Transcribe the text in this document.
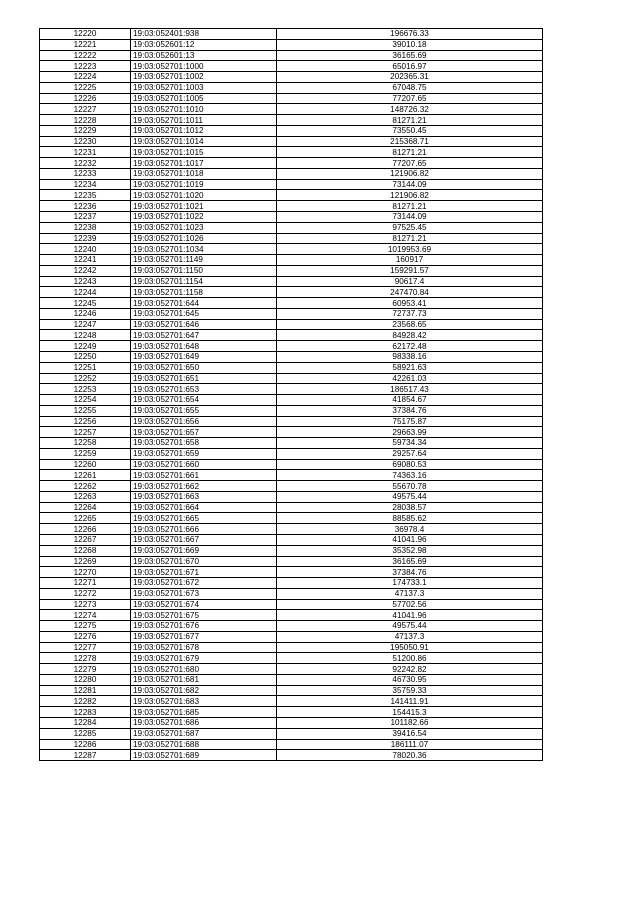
12220	19:03:052401:938	196676.33
12221	19:03:052601:12	39010.18
12222	19:03:052601:13	36165.69
12223	19:03:052701:1000	65016.97
12224	19:03:052701:1002	202365.31
12225	19:03:052701:1003	67048.75
12226	19:03:052701:1005	77207.65
12227	19:03:052701:1010	148726.32
12228	19:03:052701:1011	81271.21
12229	19:03:052701:1012	73550.45
12230	19:03:052701:1014	215368.71
12231	19:03:052701:1015	81271.21
12232	19:03:052701:1017	77207.65
12233	19:03:052701:1018	121906.82
12234	19:03:052701:1019	73144.09
12235	19:03:052701:1020	121906.82
12236	19:03:052701:1021	81271.21
12237	19:03:052701:1022	73144.09
12238	19:03:052701:1023	97525.45
12239	19:03:052701:1026	81271.21
12240	19:03:052701:1034	1019953.69
12241	19:03:052701:1149	160917
12242	19:03:052701:1150	159291.57
12243	19:03:052701:1154	90617.4
12244	19:03:052701:1158	247470.84
12245	19:03:052701:644	60953.41
12246	19:03:052701:645	72737.73
12247	19:03:052701:646	23568.65
12248	19:03:052701:647	84928.42
12249	19:03:052701:648	62172.48
12250	19:03:052701:649	98338.16
12251	19:03:052701:650	58921.63
12252	19:03:052701:651	42261.03
12253	19:03:052701:653	186517.43
12254	19:03:052701:654	41854.67
12255	19:03:052701:655	37384.76
12256	19:03:052701:656	75175.87
12257	19:03:052701:657	29663.99
12258	19:03:052701:658	59734.34
12259	19:03:052701:659	29257.64
12260	19:03:052701:660	69080.53
12261	19:03:052701:661	74363.16
12262	19:03:052701:662	55670.78
12263	19:03:052701:663	49575.44
12264	19:03:052701:664	28038.57
12265	19:03:052701:665	88585.62
12266	19:03:052701:666	36978.4
12267	19:03:052701:667	41041.96
12268	19:03:052701:669	35352.98
12269	19:03:052701:670	36165.69
12270	19:03:052701:671	37384.76
12271	19:03:052701:672	174733.1
12272	19:03:052701:673	47137.3
12273	19:03:052701:674	57702.56
12274	19:03:052701:675	41041.96
12275	19:03:052701:676	49575.44
12276	19:03:052701:677	47137.3
12277	19:03:052701:678	195050.91
12278	19:03:052701:679	51200.86
12279	19:03:052701:680	92242.82
12280	19:03:052701:681	46730.95
12281	19:03:052701:682	35759.33
12282	19:03:052701:683	141411.91
12283	19:03:052701:685	154415.3
12284	19:03:052701:686	101182.66
12285	19:03:052701:687	39416.54
12286	19:03:052701:688	186111.07
12287	19:03:052701:689	78020.36
